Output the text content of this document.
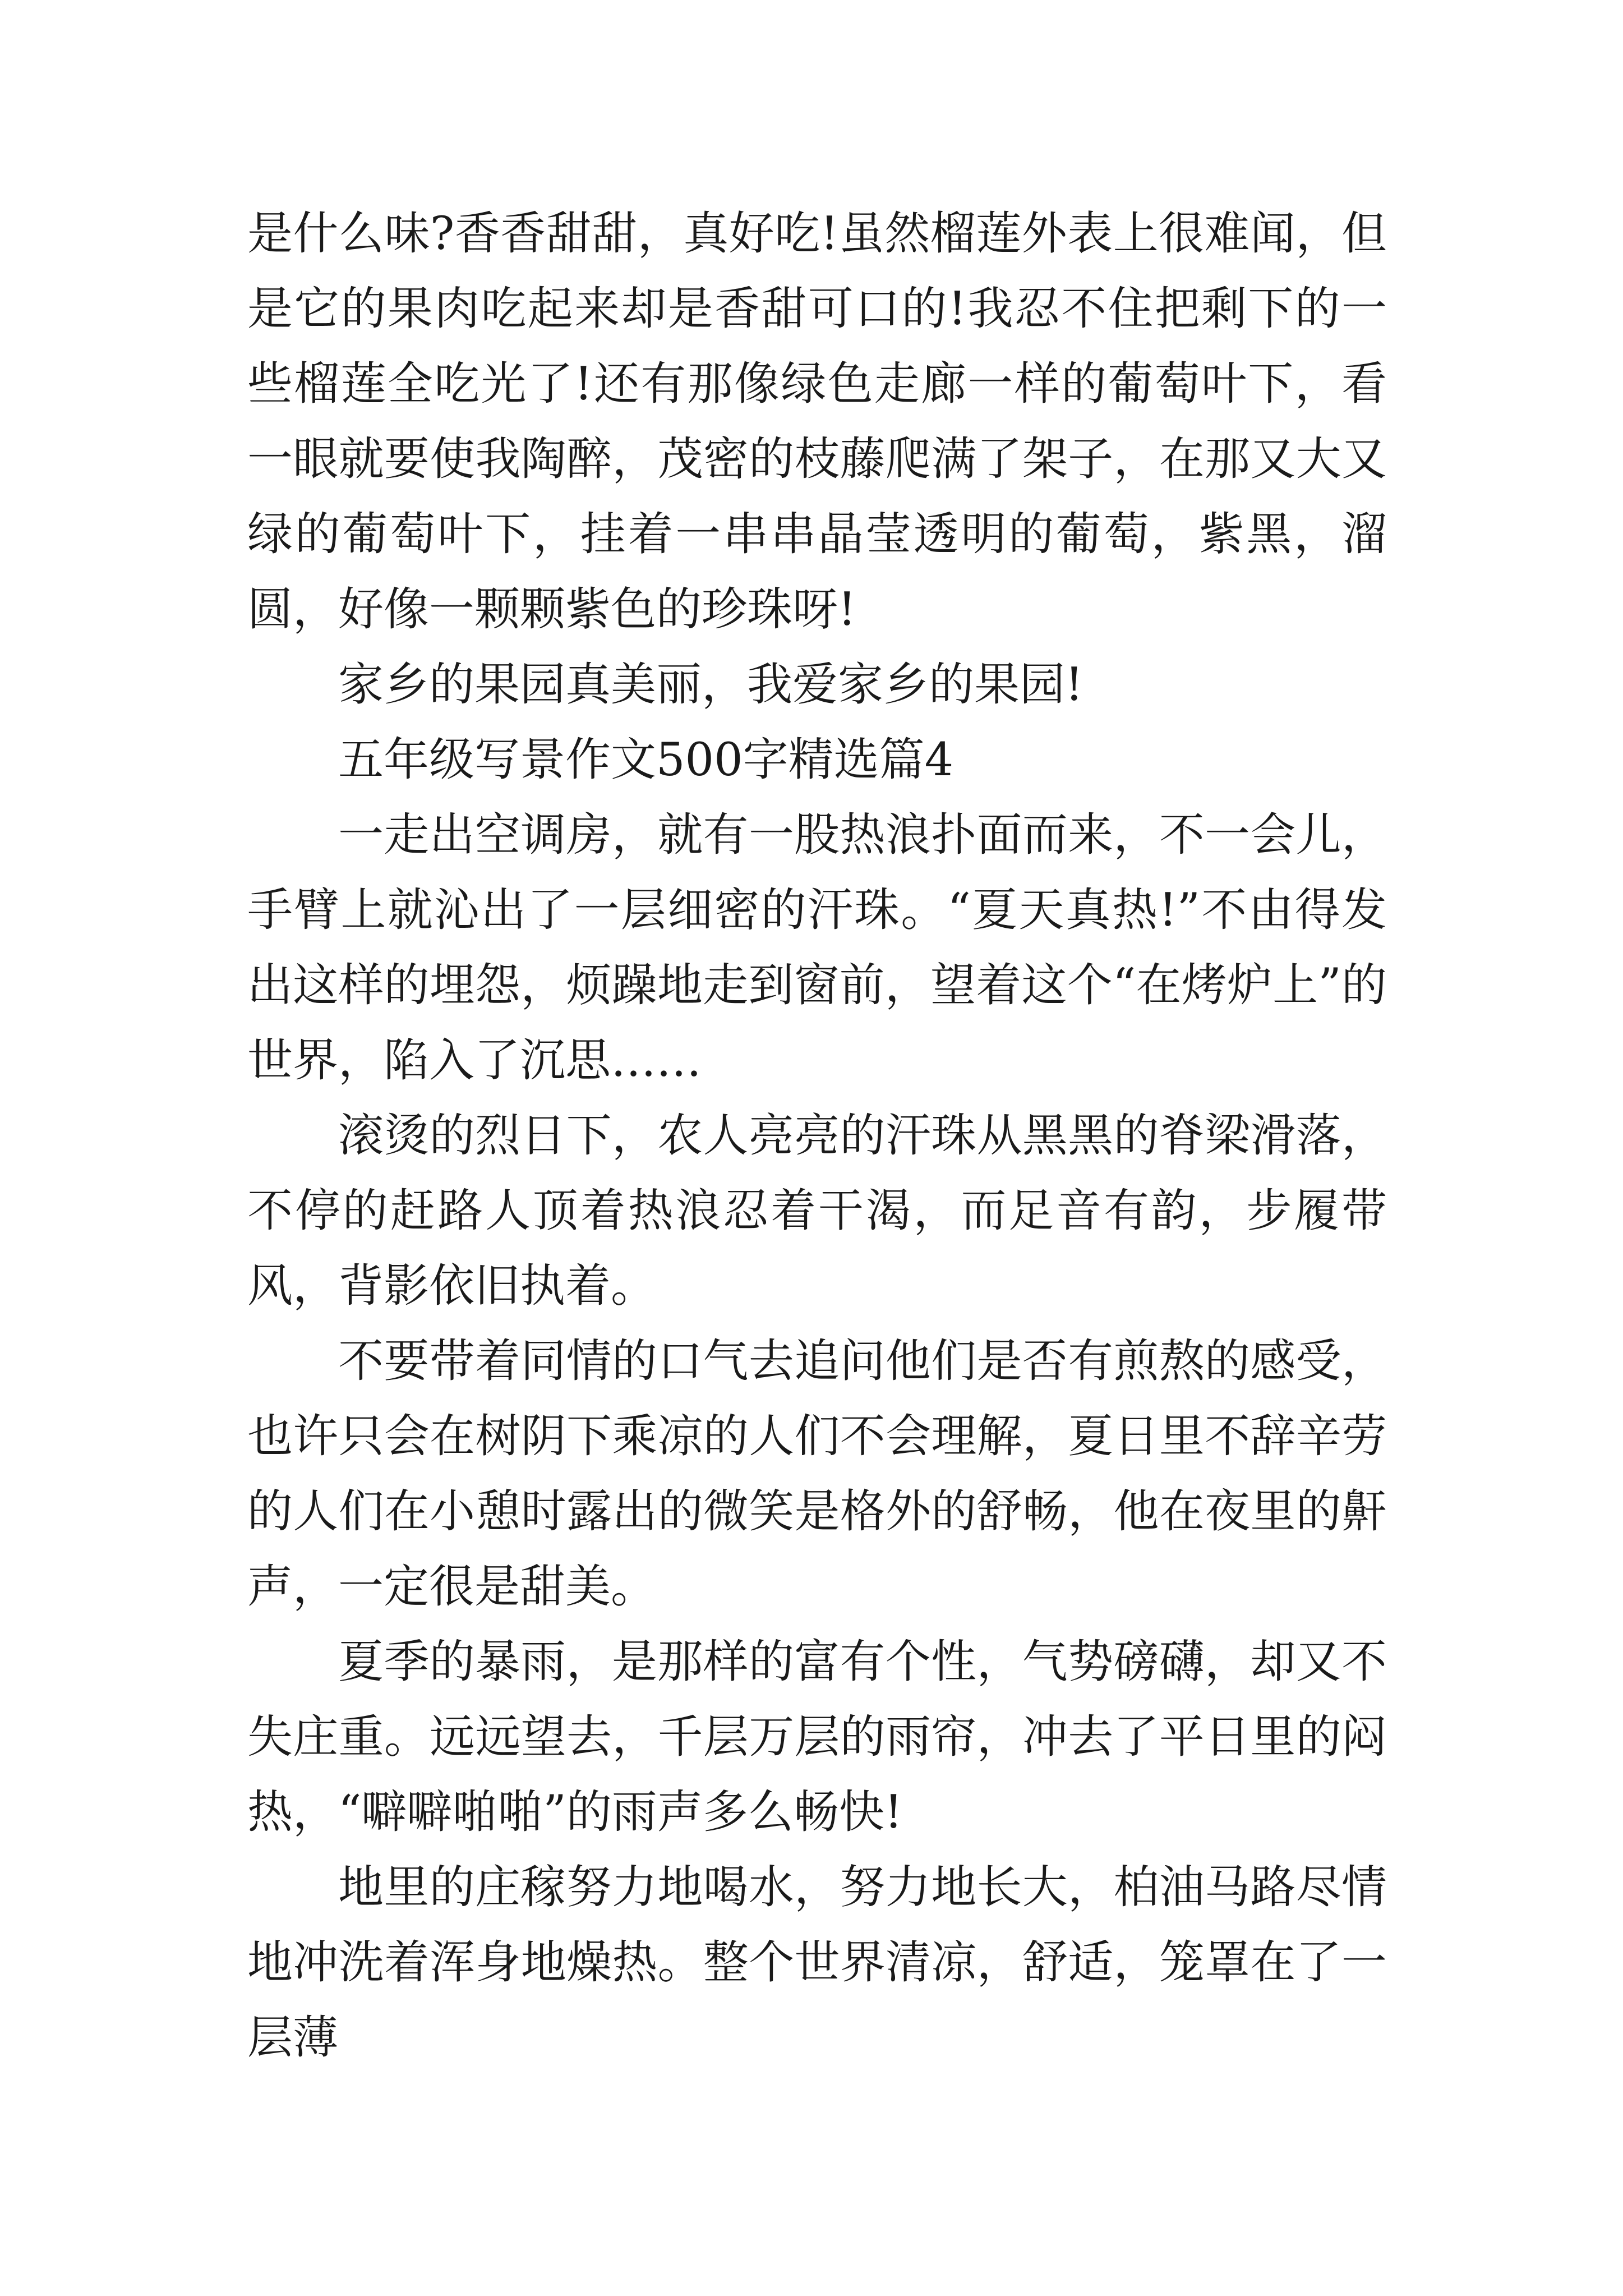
是什么味?香香甜甜，真好吃!虽然榴莲外表上很难闻，但是它的果肉吃起来却是香甜可口的!我忍不住把剩下的一些榴莲全吃光了!还有那像绿色走廊一样的葡萄叶下，看一眼就要使我陶醉，茂密的枝藤爬满了架子，在那又大又绿的葡萄叶下，挂着一串串晶莹透明的葡萄，紫黑，溜圆，好像一颗颗紫色的珍珠呀!

家乡的果园真美丽，我爱家乡的果园!

五年级写景作文500字精选篇4

一走出空调房，就有一股热浪扑面而来，不一会儿，手臂上就沁出了一层细密的汗珠。“夏天真热!”不由得发出这样的埋怨，烦躁地走到窗前，望着这个“在烤炉上”的世界，陷入了沉思……

滚烫的烈日下，农人亮亮的汗珠从黑黑的脊梁滑落，不停的赶路人顶着热浪忍着干渴，而足音有韵，步履带风，背影依旧执着。

不要带着同情的口气去追问他们是否有煎熬的感受，也许只会在树阴下乘凉的人们不会理解，夏日里不辞辛劳的人们在小憩时露出的微笑是格外的舒畅，他在夜里的鼾声，一定很是甜美。

夏季的暴雨，是那样的富有个性，气势磅礴，却又不失庄重。远远望去，千层万层的雨帘，冲去了平日里的闷热，“噼噼啪啪”的雨声多么畅快!

地里的庄稼努力地喝水，努力地长大，柏油马路尽情地冲洗着浑身地燥热。整个世界清凉，舒适，笼罩在了一层薄
